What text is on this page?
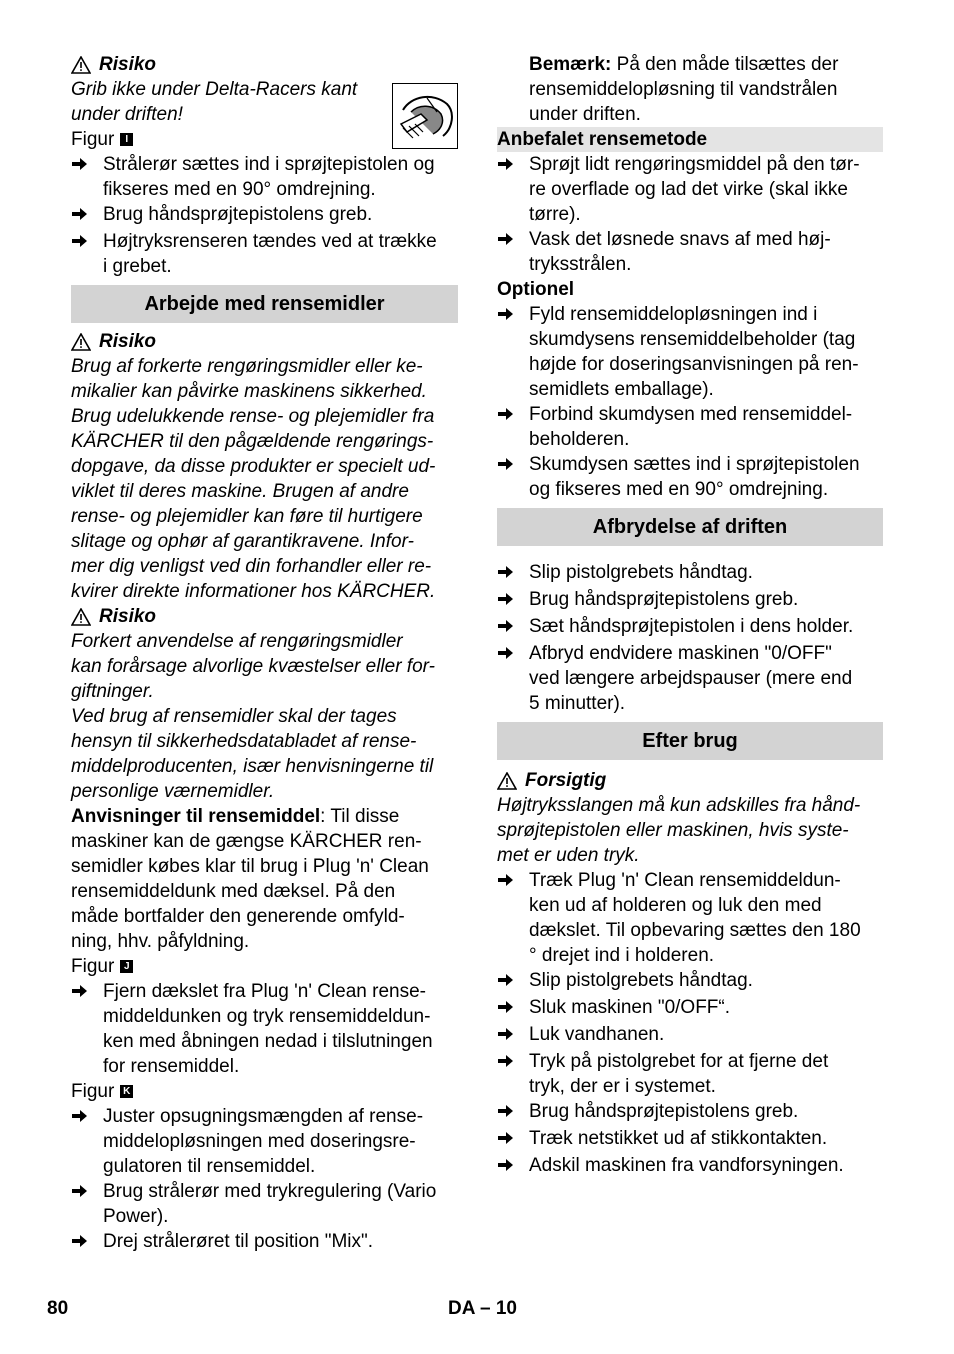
Risiko
Grib ikke under Delta-Racers kant
under driften!
Figur I
Strålerør sættes ind i sprøjtepistolen og
fikseres med en 90° omdrejning.
Brug håndsprøjtepistolens greb.
Højtryksrenseren tændes ved at trække
i grebet.
Arbejde med rensemidler
Risiko
Brug af forkerte rengøringsmidler eller ke-
mikalier kan påvirke maskinens sikkerhed.
Brug udelukkende rense- og plejemidler fra
KÄRCHER til den pågældende rengørings-
dopgave, da disse produkter er specielt ud-
viklet til deres maskine. Brugen af andre
rense- og plejemidler kan føre til hurtigere
slitage og ophør af garantikravene. Infor-
mer dig venligst ved din forhandler eller re-
kvirer direkte informationer hos KÄRCHER.
Risiko
Forkert anvendelse af rengøringsmidler
kan forårsage alvorlige kvæstelser eller for-
giftninger.
Ved brug af rensemidler skal der tages
hensyn til sikkerhedsdatabladet af rense-
middelproducenten, især henvisningerne til
personlige værnemidler.
Anvisninger til rensemiddel: Til disse
maskiner kan de gængse KÄRCHER ren-
semidler købes klar til brug i Plug 'n' Clean
rensemiddeldunk med dæksel. På den
måde bortfalder den generende omfyld-
ning, hhv. påfyldning.
Figur J
Fjern dækslet fra Plug 'n' Clean rense-
middeldunken og tryk rensemiddeldun-
ken med åbningen nedad i tilslutningen
for rensemiddel.
Figur K
Juster opsugningsmængden af rense-
middelopløsningen med doseringsre-
gulatoren til rensemiddel.
Brug strålerør med trykregulering (Vario
Power).
Drej strålerøret til position "Mix".
Bemærk: På den måde tilsættes der
rensemiddelopløsning til vandstrålen
under driften.
Anbefalet rensemetode
Sprøjt lidt rengøringsmiddel på den tør-
re overflade og lad det virke (skal ikke
tørre).
Vask det løsnede snavs af med høj-
tryksstrålen.
Optionel
Fyld rensemiddelopløsningen ind i
skumdysens rensemiddelbeholder (tag
højde for doseringsanvisningen på ren-
semidlets emballage).
Forbind skumdysen med rensemiddel-
beholderen.
Skumdysen sættes ind i sprøjtepistolen
og fikseres med en 90° omdrejning.
Afbrydelse af driften
Slip pistolgrebets håndtag.
Brug håndsprøjtepistolens greb.
Sæt håndsprøjtepistolen i dens holder.
Afbryd endvidere maskinen "0/OFF"
ved længere arbejdspauser (mere end
5 minutter).
Efter brug
Forsigtig
Højtryksslangen må kun adskilles fra hånd-
sprøjtepistolen eller maskinen, hvis syste-
met er uden tryk.
Træk Plug 'n' Clean rensemiddeldun-
ken ud af holderen og luk den med
dækslet. Til opbevaring sættes den 180
° drejet ind i holderen.
Slip pistolgrebets håndtag.
Sluk maskinen "0/OFF“.
Luk vandhanen.
Tryk på pistolgrebet for at fjerne det
tryk, der er i systemet.
Brug håndsprøjtepistolens greb.
Træk netstikket ud af stikkontakten.
Adskil maskinen fra vandforsyningen.
80	DA – 10
